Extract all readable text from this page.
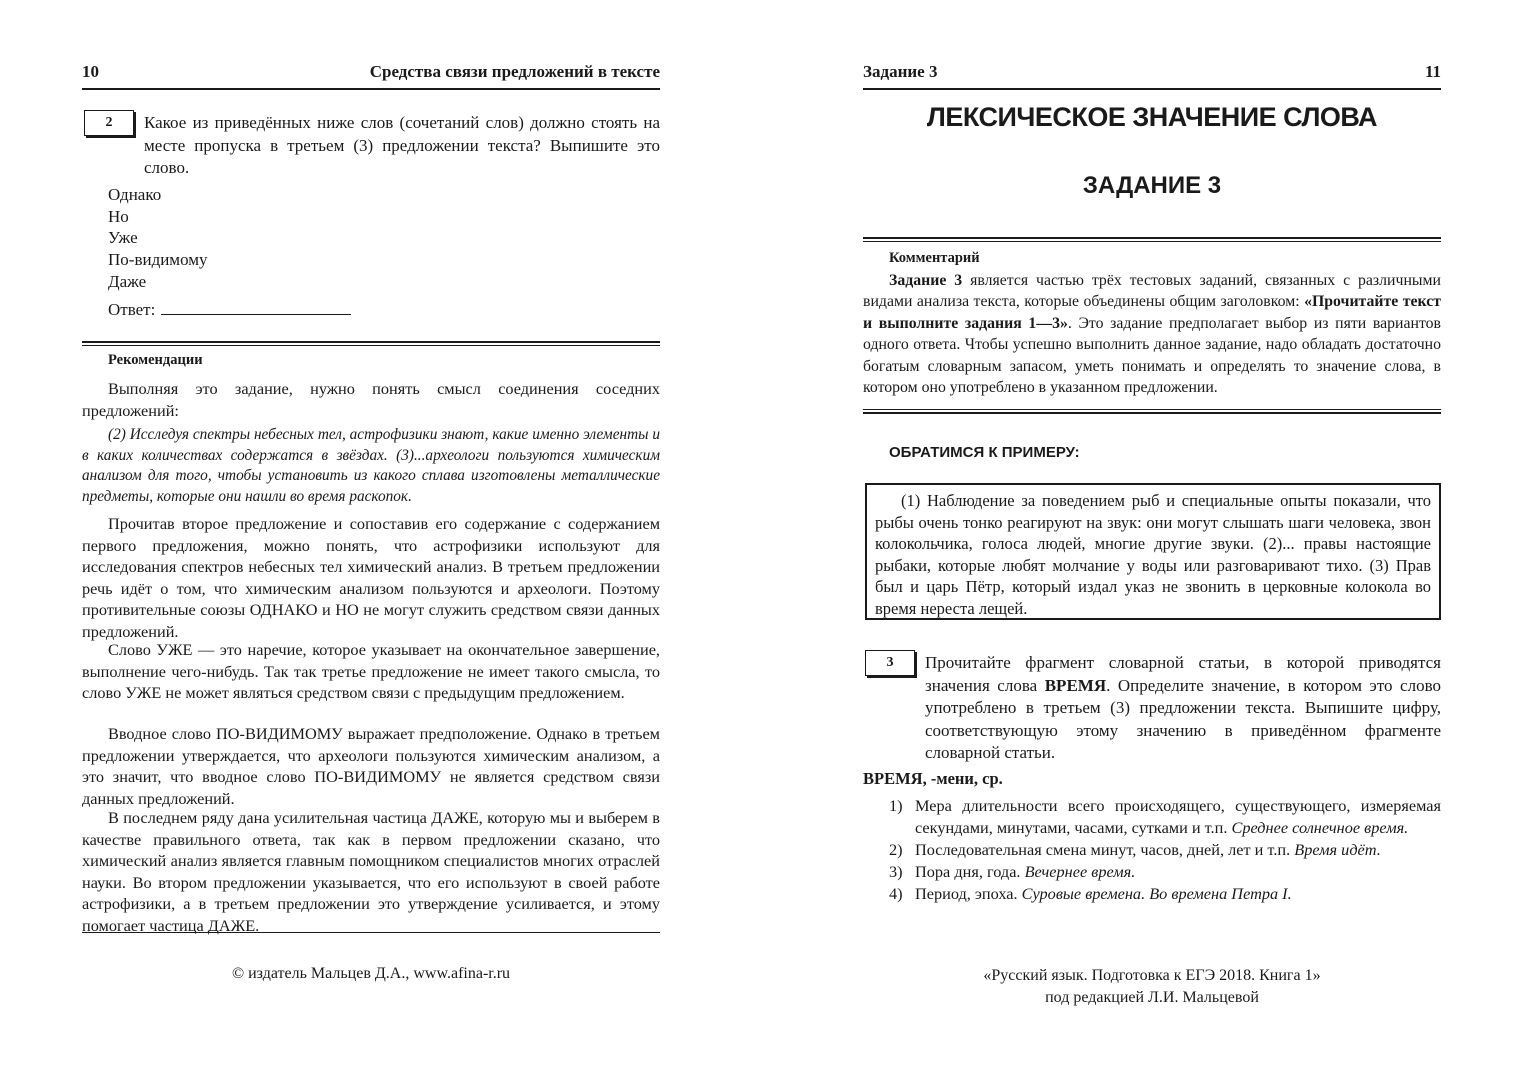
10	Средства связи предложений в тексте
2	Какое из приведённых ниже слов (сочетаний слов) должно стоять на месте пропуска в третьем (3) предложении текста? Выпишите это слово.
Однако
Но
Уже
По-видимому
Даже
Ответ:
Рекомендации

Выполняя это задание, нужно понять смысл соединения соседних предложений:

(2) Исследуя спектры небесных тел, астрофизики знают, какие именно элементы и в каких количествах содержатся в звёздах. (3)...археологи пользуются химическим анализом для того, чтобы установить из какого сплава изготовлены металлические предметы, которые они нашли во время раскопок.

Прочитав второе предложение и сопоставив его содержание с содержанием первого предложения, можно понять, что астрофизики используют для исследования спектров небесных тел химический анализ. В третьем предложении речь идёт о том, что химическим анализом пользуются и археологи. Поэтому противительные союзы ОДНАКО и НО не могут служить средством связи данных предложений.

Слово УЖЕ — это наречие, которое указывает на окончательное завершение, выполнение чего-нибудь. Так так третье предложение не имеет такого смысла, то слово УЖЕ не может являться средством связи с предыдущим предложением.

Вводное слово ПО-ВИДИМОМУ выражает предположение. Однако в третьем предложении утверждается, что археологи пользуются химическим анализом, а это значит, что вводное слово ПО-ВИДИМОМУ не является средством связи данных предложений.

В последнем ряду дана усилительная частица ДАЖЕ, которую мы и выберем в качестве правильного ответа, так как в первом предложении сказано, что химический анализ является главным помощником специалистов многих отраслей науки. Во втором предложении указывается, что его используют в своей работе астрофизики, а в третьем предложении это утверждение усиливается, и этому помогает частица ДАЖЕ.

© издатель Мальцев Д.А., www.afina-r.ru
Задание 3	11
ЛЕКСИЧЕСКОЕ ЗНАЧЕНИЕ СЛОВА
ЗАДАНИЕ 3
Комментарий

Задание 3 является частью трёх тестовых заданий, связанных с различными видами анализа текста, которые объединены общим заголовком: «Прочитайте текст и выполните задания 1—3». Это задание предполагает выбор из пяти вариантов одного ответа. Чтобы успешно выполнить данное задание, надо обладать достаточно богатым словарным запасом, уметь понимать и определять то значение слова, в котором оно употреблено в указанном предложении.

ОБРАТИМСЯ К ПРИМЕРУ:
(1) Наблюдение за поведением рыб и специальные опыты показали, что рыбы очень тонко реагируют на звук: они могут слышать шаги человека, звон колокольчика, голоса людей, многие другие звуки. (2)... правы настоящие рыбаки, которые любят молчание у воды или разговаривают тихо. (3) Прав был и царь Пётр, который издал указ не звонить в церковные колокола во время нереста лещей.
3	Прочитайте фрагмент словарной статьи, в которой приводятся значения слова ВРЕМЯ. Определите значение, в котором это слово употреблено в третьем (3) предложении текста. Выпишите цифру, соответствующую этому значению в приведённом фрагменте словарной статьи.
ВРЕМЯ, -мени, ср.
1) Мера длительности всего происходящего, существующего, измеряемая секундами, минутами, часами, сутками и т.п. Среднее солнечное время.
2) Последовательная смена минут, часов, дней, лет и т.п. Время идёт.
3) Пора дня, года. Вечернее время.
4) Период, эпоха. Суровые времена. Во времена Петра I.
«Русский язык. Подготовка к ЕГЭ 2018. Книга 1»
под редакцией Л.И. Мальцевой
